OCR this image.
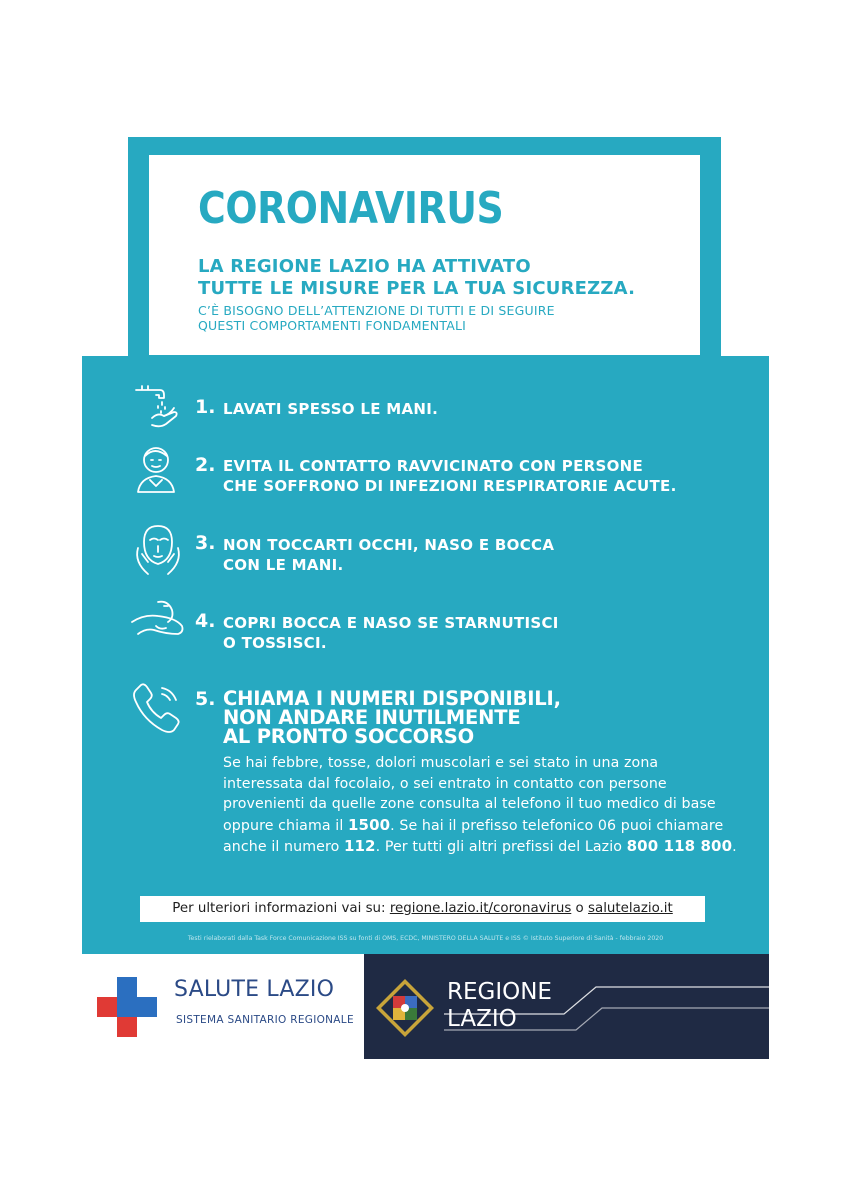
CORONAVIRUS
LA REGIONE LAZIO HA ATTIVATO
TUTTE LE MISURE PER LA TUA SICUREZZA.
C’È BISOGNO DELL’ATTENZIONE DI TUTTI E DI SEGUIRE
QUESTI COMPORTAMENTI FONDAMENTALI
1. LAVATI SPESSO LE MANI.
2. EVITA IL CONTATTO RAVVICINATO CON PERSONE
CHE SOFFRONO DI INFEZIONI RESPIRATORIE ACUTE.
3. NON TOCCARTI OCCHI, NASO E BOCCA
CON LE MANI.
4. COPRI BOCCA E NASO SE STARNUTISCI
O TOSSISCI.
5. CHIAMA I NUMERI DISPONIBILI,
NON ANDARE INUTILMENTE
AL PRONTO SOCCORSO
Se hai febbre, tosse, dolori muscolari e sei stato in una zona interessata dal focolaio, o sei entrato in contatto con persone provenienti da quelle zone consulta al telefono il tuo medico di base oppure chiama il 1500. Se hai il prefisso telefonico 06 puoi chiamare anche il numero 112. Per tutti gli altri prefissi del Lazio 800 118 800.
Per ulteriori informazioni vai su: regione.lazio.it/coronavirus o salutelazio.it
Testi rielaborati dalla Task Force Comunicazione ISS su fonti di OMS, ECDC, MINISTERO DELLA SALUTE e ISS © Istituto Superiore di Sanità - febbraio 2020
SALUTE LAZIO
SISTEMA SANITARIO REGIONALE
REGIONE
LAZIO
